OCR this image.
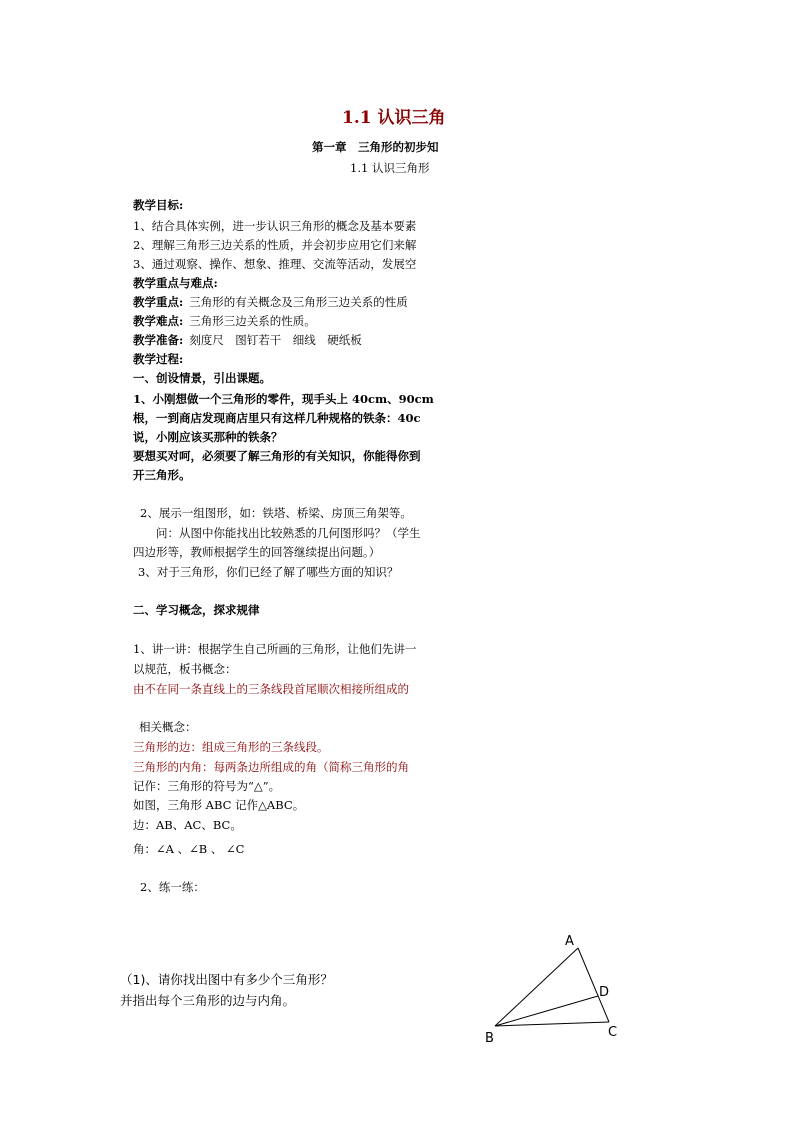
1.1 认识三角
第一章　三角形的初步知
1.1 认识三角形
教学目标:
1、结合具体实例，进一步认识三角形的概念及基本要素
2、理解三角形三边关系的性质，并会初步应用它们来解
3、通过观察、操作、想象、推理、交流等活动，发展空
教学重点与难点:
教学重点: 三角形的有关概念及三角形三边关系的性质
教学难点: 三角形三边关系的性质。
教学准备: 刻度尺　图钉若干　细线　硬纸板
教学过程:
一、创设情景，引出课题。
1、小刚想做一个三角形的零件，现手头上 40cm、90cm
根，一到商店发现商店里只有这样几种规格的铁条：40c
说，小刚应该买那种的铁条？
要想买对呵，必须要了解三角形的有关知识，你能得你到
开三角形。
2、展示一组图形，如：铁塔、桥梁、房顶三角架等。
问：从图中你能找出比较熟悉的几何图形吗？（学生
四边形等，教师根据学生的回答继续提出问题。）
3、对于三角形，你们已经了解了哪些方面的知识？
二、学习概念，探求规律
1、讲一讲：根据学生自己所画的三角形，让他们先讲一
以规范，板书概念：
由不在同一条直线上的三条线段首尾顺次相接所组成的
相关概念：
三角形的边：组成三角形的三条线段。
三角形的内角：每两条边所组成的角（简称三角形的角
记作：三角形的符号为“△”。
如图，三角形 ABC 记作△ABC。
边：AB、AC、BC。
角：∠A 、∠B 、 ∠C
2、练一练：
（1)、请你找出图中有多少个三角形？
并指出每个三角形的边与内角。
A
B	C
D
